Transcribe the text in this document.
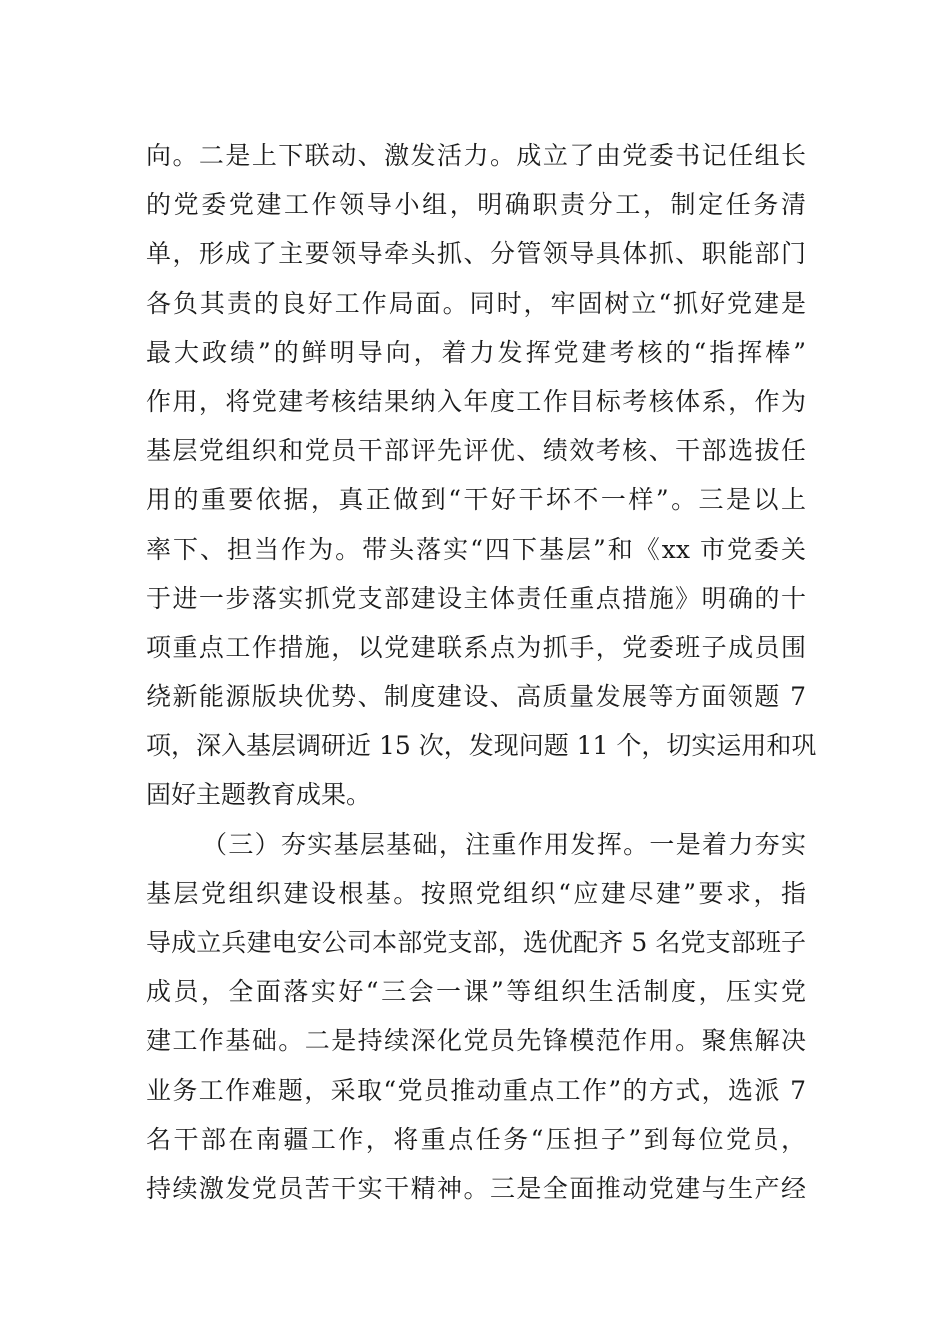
向。二是上下联动、激发活力。成立了由党委书记任组长
的党委党建工作领导小组，明确职责分工，制定任务清
单，形成了主要领导牵头抓、分管领导具体抓、职能部门
各负其责的良好工作局面。同时，牢固树立“抓好党建是
最大政绩”的鲜明导向，着力发挥党建考核的“指挥棒”
作用，将党建考核结果纳入年度工作目标考核体系，作为
基层党组织和党员干部评先评优、绩效考核、干部选拔任
用的重要依据，真正做到“干好干坏不一样”。三是以上
率下、担当作为。带头落实“四下基层”和《xx 市党委关
于进一步落实抓党支部建设主体责任重点措施》明确的十
项重点工作措施，以党建联系点为抓手，党委班子成员围
绕新能源版块优势、制度建设、高质量发展等方面领题 7
项，深入基层调研近 15 次，发现问题 11 个，切实运用和巩
固好主题教育成果。
（三）夯实基层基础，注重作用发挥。一是着力夯实
基层党组织建设根基。按照党组织“应建尽建”要求，指
导成立兵建电安公司本部党支部，选优配齐 5 名党支部班子
成员，全面落实好“三会一课”等组织生活制度，压实党
建工作基础。二是持续深化党员先锋模范作用。聚焦解决
业务工作难题，采取“党员推动重点工作”的方式，选派 7
名干部在南疆工作，将重点任务“压担子”到每位党员，
持续激发党员苦干实干精神。三是全面推动党建与生产经
